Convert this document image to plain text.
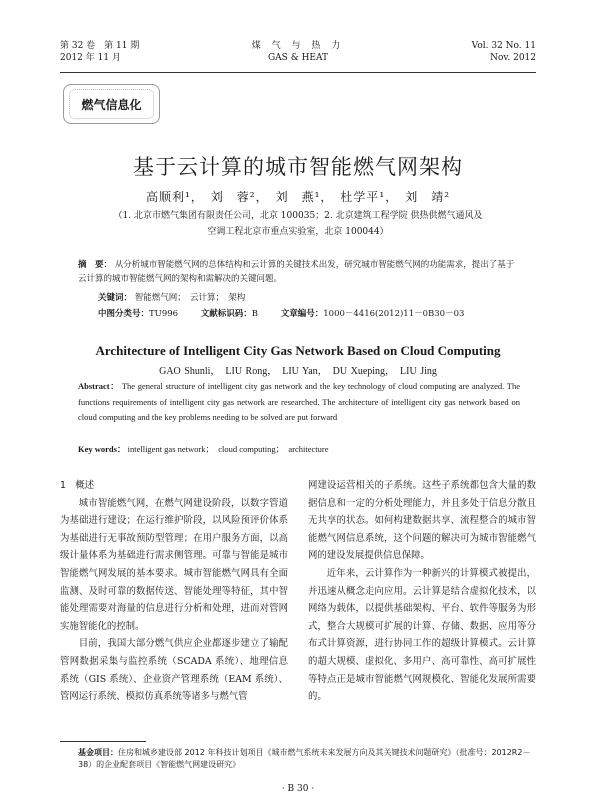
第 32 卷　第 11 期
2012 年 11 月
煤 气 与 热 力
GAS & HEAT
Vol. 32 No. 11
Nov. 2012
燃气信息化
基于云计算的城市智能燃气网架构
高顺利¹，　刘　蓉²，　刘　燕¹，　杜学平¹，　刘　靖²
（1. 北京市燃气集团有限责任公司，北京 100035；2. 北京建筑工程学院 供热供燃气通风及
空调工程北京市重点实验室，北京 100044）
摘　要： 从分析城市智能燃气网的总体结构和云计算的关键技术出发，研究城市智能燃气网的功能需求，提出了基于云计算的城市智能燃气网的架构和需解决的关键问题。
关键词： 智能燃气网；　云计算；　架构
中图分类号：TU996	文献标识码：B	文章编号：1000－4416(2012)11－0B30－03
Architecture of Intelligent City Gas Network Based on Cloud Computing
GAO Shunli，　LIU Rong，　LIU Yan，　DU Xueping，　LIU Jing
Abstract： The general structure of intelligent city gas network and the key technology of cloud computing are analyzed. The functions requirements of intelligent city gas network are researched. The architecture of intelligent city gas network based on cloud computing and the key problems needing to be solved are put forward
Key words： intelligent gas network；　cloud computing；　architecture

1　概述

城市智能燃气网，在燃气网建设阶段，以数字管道为基础进行建设；在运行维护阶段，以风险预评价体系为基础进行无事故预防型管理；在用户服务方面，以高级计量体系为基础进行需求侧管理。可靠与智能是城市智能燃气网发展的基本要求。城市智能燃气网具有全面监测、及时可靠的数据传送、智能处理等特征，其中智能处理需要对海量的信息进行分析和处理，进而对管网实施智能化的控制。

目前，我国大部分燃气供应企业都逐步建立了输配管网数据采集与监控系统（SCADA 系统）、地理信息系统（GIS 系统）、企业资产管理系统（EAM 系统）、管网运行系统、模拟仿真系统等诸多与燃气管

网建设运营相关的子系统。这些子系统都包含大量的数据信息和一定的分析处理能力，并且多处于信息分散且无共享的状态。如何构建数据共享、流程整合的城市智能燃气网信息系统，这个问题的解决可为城市智能燃气网的建设发展提供信息保障。

近年来，云计算作为一种新兴的计算模式被提出，并迅速从概念走向应用。云计算是结合虚拟化技术，以网络为载体，以提供基础架构、平台、软件等服务为形式，整合大规模可扩展的计算、存储、数据、应用等分布式计算资源，进行协同工作的超级计算模式。云计算的超大规模、虚拟化、多用户、高可靠性、高可扩展性等特点正是城市智能燃气网规模化、智能化发展所需要的。

基金项目：住房和城乡建设部 2012 年科技计划项目《城市燃气系统未来发展方向及其关键技术问题研究》（批准号：2012R2－38）的企业配套项目《智能燃气网建设研究》
· B 30 ·
